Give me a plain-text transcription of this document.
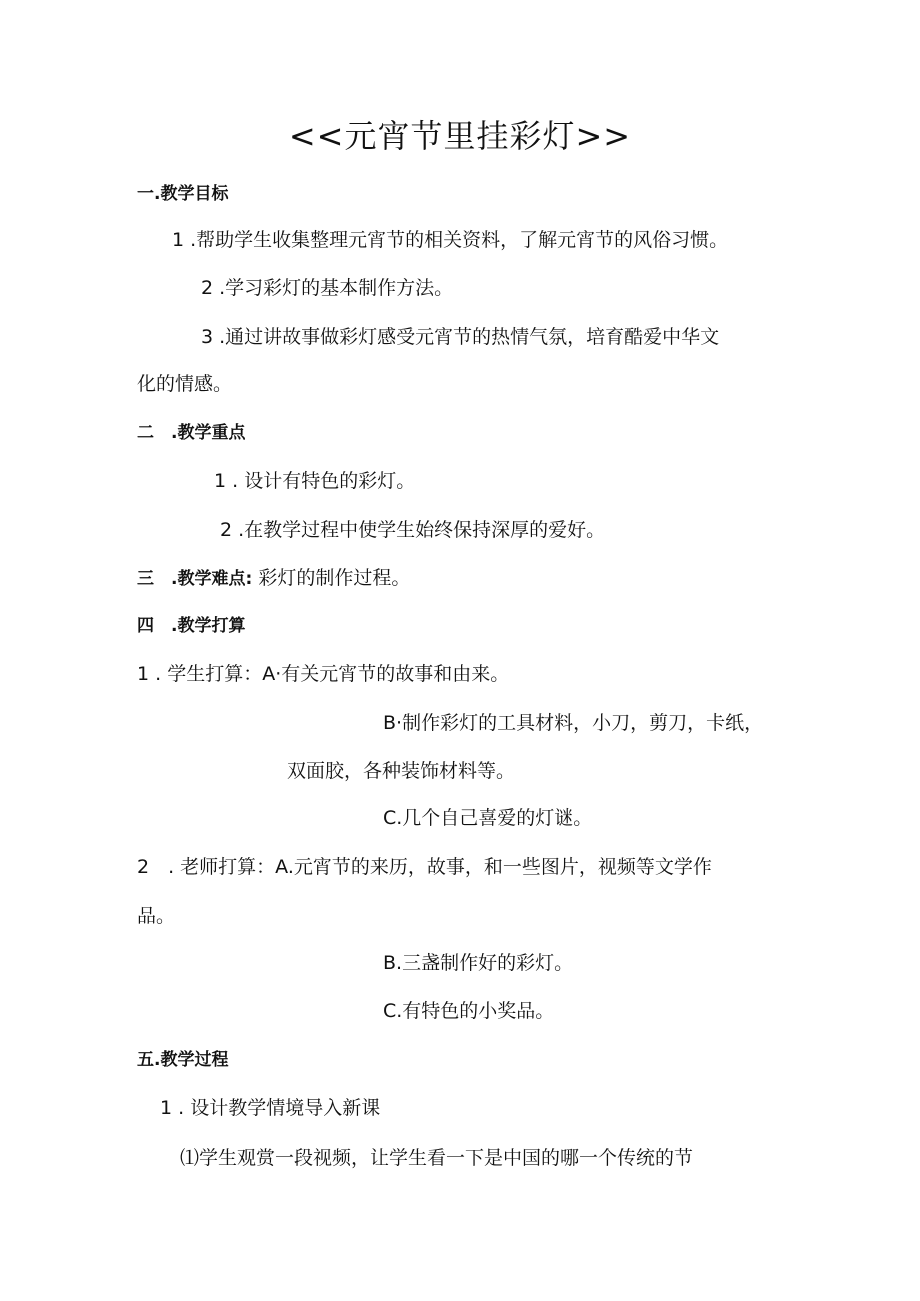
<<元宵节里挂彩灯>>
一.教学目标
1 .帮助学生收集整理元宵节的相关资料，了解元宵节的风俗习惯。
2 .学习彩灯的基本制作方法。
3 .通过讲故事做彩灯感受元宵节的热情气氛，培育酷爱中华文
化的情感。
二　.教学重点
1 . 设计有特色的彩灯。
2 .在教学过程中使学生始终保持深厚的爱好。
三　.教学难点: 彩灯的制作过程。
四　.教学打算
1 . 学生打算：A·有关元宵节的故事和由来。
B·制作彩灯的工具材料，小刀，剪刀，卡纸，
双面胶，各种装饰材料等。
C.几个自己喜爱的灯谜。
2　. 老师打算：A.元宵节的来历，故事，和一些图片，视频等文学作
品。
B.三盏制作好的彩灯。
C.有特色的小奖品。
五.教学过程
1 . 设计教学情境导入新课
⑴学生观赏一段视频，让学生看一下是中国的哪一个传统的节
